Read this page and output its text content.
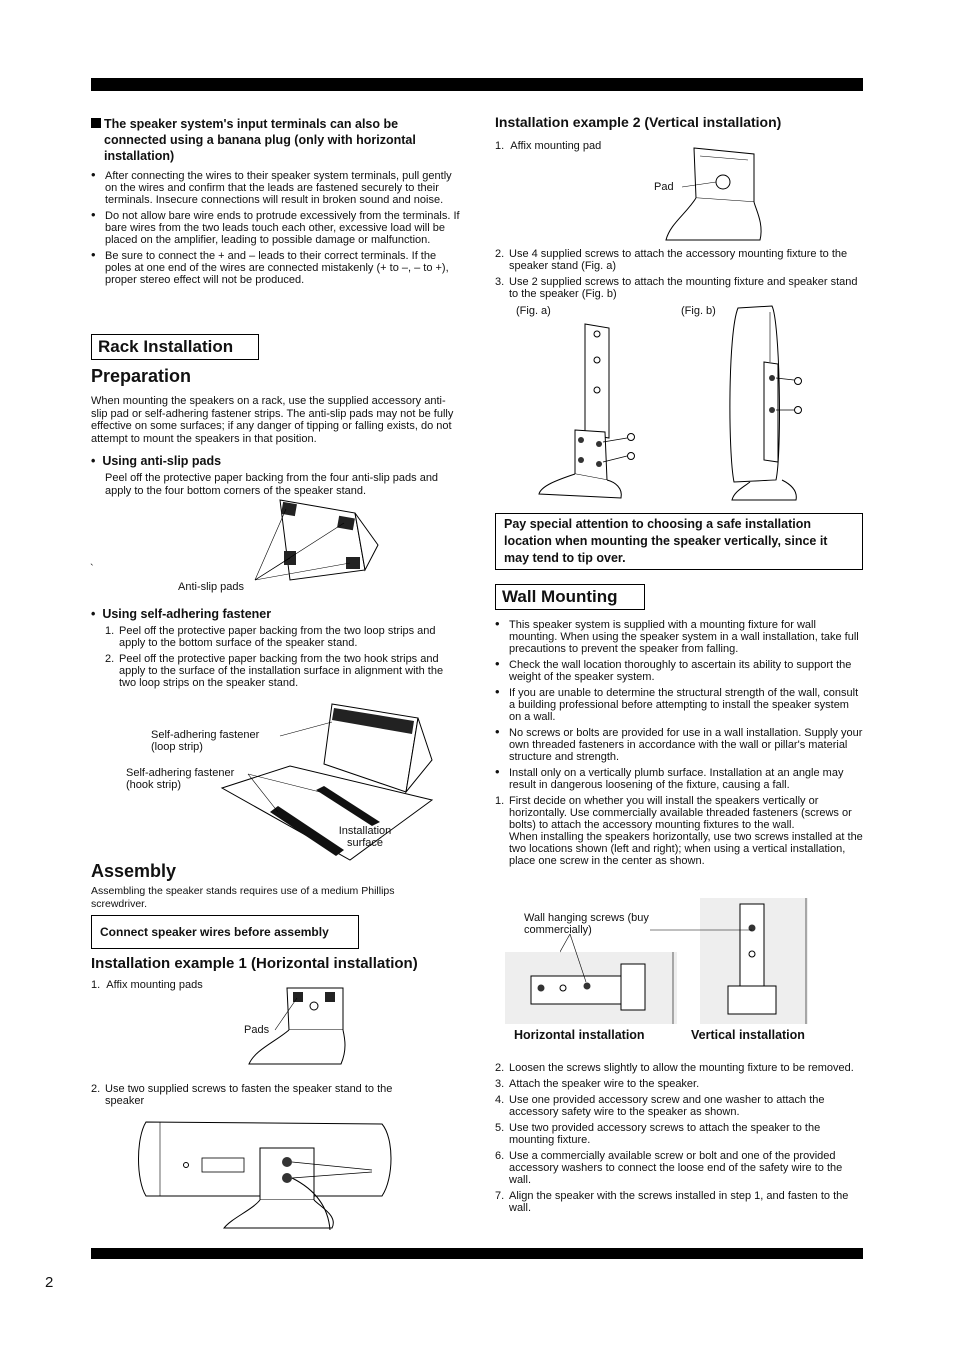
The speaker system's input terminals can also be connected using a banana plug (only with horizontal installation)
• After connecting the wires to their speaker system terminals, pull gently on the wires and confirm that the leads are fastened securely to their terminals. Insecure connections will result in broken sound and noise.
• Do not allow bare wire ends to protrude excessively from the terminals. If bare wires from the two leads touch each other, excessive load will be placed on the amplifier, leading to possible damage or malfunction.
• Be sure to connect the + and – leads to their correct terminals. If the poles at one end of the wires are connected mistakenly (+ to –, – to +), proper stereo effect will not be produced.
Rack Installation
Preparation
When mounting the speakers on a rack, use the supplied accessory anti-slip pad or self-adhering fastener strips. The anti-slip pads may not be fully effective on some surfaces; if any danger of tipping or falling exists, do not attempt to mount the speakers in that position.
•  Using anti-slip pads
Peel off the protective paper backing from the four anti-slip pads and apply to the four bottom corners of the speaker stand.
`
Anti-slip pads
•  Using self-adhering fastener
1. Peel off the protective paper backing from the two loop strips and apply to the bottom surface of the speaker stand.
2. Peel off the protective paper backing from the two hook strips and apply to the surface of the installation surface in alignment with the two loop strips on the speaker stand.
Self-adhering fastener (loop strip)
Self-adhering fastener (hook strip)
Installation surface
Assembly
Assembling the speaker stands requires use of a medium Phillips screwdriver.
Connect speaker wires before assembly
Installation example 1 (Horizontal installation)
1.  Affix mounting pads
Pads
2. Use two supplied screws to fasten the speaker stand to the speaker
Installation example 2 (Vertical installation)
1.  Affix mounting pad
Pad
2. Use 4 supplied screws to attach the accessory mounting fixture to the speaker stand (Fig. a)
3. Use 2 supplied screws to attach the mounting fixture and speaker stand to the speaker (Fig. b)
(Fig. a)	(Fig. b)
Pay special attention to choosing a safe installation location when mounting the speaker vertically, since it may tend to tip over.
Wall Mounting
• This speaker system is supplied with a mounting fixture for wall mounting. When using the speaker system in a wall installation, take full precautions to prevent the speaker from falling.
• Check the wall location thoroughly to ascertain its ability to support the weight of the speaker system.
• If you are unable to determine the structural strength of the wall, consult a building professional before attempting to install the speaker system on a wall.
• No screws or bolts are provided for use in a wall installation. Supply your own threaded fasteners in accordance with the wall or pillar's material structure and strength.
• Install only on a vertically plumb surface. Installation at an angle may result in dangerous loosening of the fixture, causing a fall.
1. First decide on whether you will install the speakers vertically or horizontally. Use commercially available threaded fasteners (screws or bolts) to attach the accessory mounting fixtures to the wall.
When installing the speakers horizontally, use two screws installed at the two locations shown (left and right); when using a vertical installation, place one screw in the center as shown.
Wall hanging screws (buy commercially)
Horizontal installation	Vertical installation
2. Loosen the screws slightly to allow the mounting fixture to be removed.
3. Attach the speaker wire to the speaker.
4. Use one provided accessory screw and one washer to attach the accessory safety wire to the speaker as shown.
5. Use two provided accessory screws to attach the speaker to the mounting fixture.
6. Use a commercially available screw or bolt and one of the provided accessory washers to connect the loose end of the safety wire to the wall.
7. Align the speaker with the screws installed in step 1, and fasten to the wall.
2
